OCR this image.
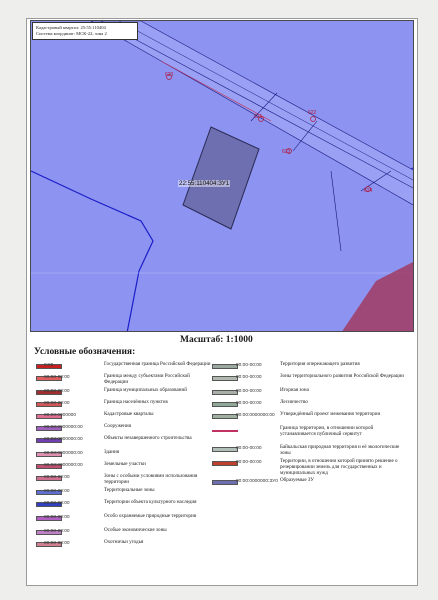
Кадастровый квартал: 25:55:110404
Система координат: МСК-22, зона 2
22:55:110404:ЗУ1
620
621
622
623
624
Масштаб: 1:1000
Условные обозначения:
0:00	Государственная граница Российской Федерации
00:00-00:00	Граница между субъектами Российской Федерации
00:00-00:00	Граница муниципальных образований
00:00-00:00	Граница населённых пунктов
00:00:0000000	Кадастровые кварталы
00:00:0000000:00	Сооружения
00:00:0000000:00	Объекты незавершенного строительства
00:00:0000000:00	Здания
00:00:0000000:00	Земельные участки
00:00-00:00	Зоны с особыми условиями использования территории
00:00-00:00	Территориальные зоны
00:00-00:00	Территории объекта культурного наследия
00:00-00:00	Особо охраняемые природные территории
00:00-00:00	Особые экономические зоны
00:00-00:00	Охотничьи угодья
00:00-00:00	Территория опережающего развития
00:00-00:00	Зоны территориального развития Российской Федерации
00:00-00:00	Игорная зона
00:00-00:00	Лесничество
00:00:0000000:00 Утверждённый проект межевания территории
Граница территории, в отношении которой устанавливается публичный сервитут
00:00-00:00	Байкальская природная территория и её экологические зоны
00:00-00:00	Территории, в отношении которой принято решение о резервировании земель для государственных и муниципальных нужд
00:00:0000000:ЗУ0 Образуемые ЗУ
